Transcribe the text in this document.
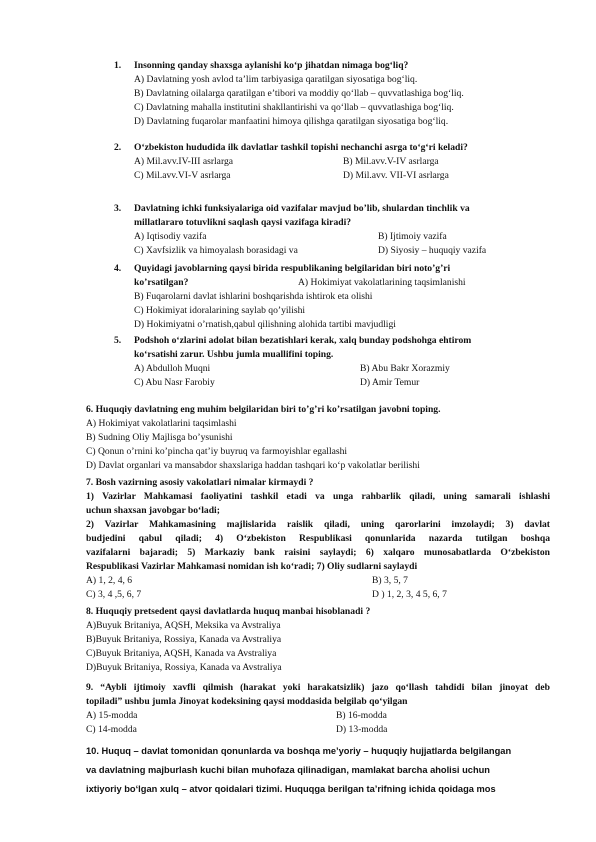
1. Insonning qanday shaxsga aylanishi ko‘p jihatdan nimaga bog‘liq?
A) Davlatning yosh avlod ta’lim tarbiyasiga qaratilgan siyosatiga bog‘liq.
B) Davlatning oilalarga qaratilgan e’tibori va moddiy qo‘llab – quvvatlashiga bog‘liq.
C) Davlatning mahalla institutini shakllantirishi va qo‘llab – quvvatlashiga bog‘liq.
D) Davlatning fuqarolar manfaatini himoya qilishga qaratilgan siyosatiga bog‘liq.
2. O‘zbekiston hududida ilk davlatlar tashkil topishi nechanchi asrga to‘g‘ri keladi?
A) Mil.avv.IV-III asrlarga	B) Mil.avv.V-IV asrlarga
C) Mil.avv.VI-V asrlarga	D) Mil.avv. VII-VI asrlarga
3. Davlatning ichki funksiyalariga oid vazifalar mavjud bo’lib, shulardan tinchlik va
millatlararo totuvlikni saqlash qaysi vazifaga kiradi?
A) Iqtisodiy vazifa	B) Ijtimoiy vazifa
C) Xavfsizlik va himoyalash borasidagi va	D) Siyosiy – huquqiy vazifa
4. Quyidagi javoblarning qaysi birida respublikaning belgilaridan biri noto’g’ri
ko’rsatilgan?	A) Hokimiyat vakolatlarining taqsimlanishi
B) Fuqarolarni davlat ishlarini boshqarishda ishtirok eta olishi
C) Hokimiyat idoralarining saylab qo’yilishi
D) Hokimiyatni o’rnatish,qabul qilishning alohida tartibi mavjudligi
5. Podshoh o‘zlarini adolat bilan bezatishlari kerak, xalq bunday podshohga ehtirom
ko‘rsatishi zarur. Ushbu jumla muallifini toping.
A) Abdulloh Muqni	B) Abu Bakr Xorazmiy
C) Abu Nasr Farobiy	D) Amir Temur
6. Huquqiy davlatning eng muhim belgilaridan biri to’g’ri ko’rsatilgan javobni toping.
A) Hokimiyat vakolatlarini taqsimlashi
B) Sudning Oliy Majlisga bo’ysunishi
C) Qonun o’rnini ko’pincha qat’iy buyruq va farmoyishlar egallashi
D) Davlat organlari va mansabdor shaxslariga haddan tashqari ko‘p vakolatlar berilishi
7. Bosh vazirning asosiy vakolatlari nimalar kirmaydi ?
1) Vazirlar Mahkamasi faoliyatini tashkil etadi va unga rahbarlik qiladi, uning samarali ishlashi
uchun shaxsan javobgar bo‘ladi;
2) Vazirlar Mahkamasining majlislarida raislik qiladi, uning qarorlarini imzolaydi; 3) davlat
budjedini qabul qiladi; 4) O‘zbekiston Respublikasi qonunlarida nazarda tutilgan boshqa
vazifalarni bajaradi; 5) Markaziy bank raisini saylaydi; 6) xalqaro munosabatlarda O‘zbekiston
Respublikasi Vazirlar Mahkamasi nomidan ish ko‘radi; 7) Oliy sudlarni saylaydi
A) 1, 2, 4, 6	B) 3, 5, 7
C) 3, 4 ,5, 6, 7	D ) 1, 2, 3, 4 5, 6, 7
8. Huquqiy pretsedent qaysi davlatlarda huquq manbai hisoblanadi ?
A)Buyuk Britaniya, AQSH, Meksika va Avstraliya
B)Buyuk Britaniya, Rossiya, Kanada va Avstraliya
C)Buyuk Britaniya, AQSH, Kanada va Avstraliya
D)Buyuk Britaniya, Rossiya, Kanada va Avstraliya
9. “Aybli ijtimoiy xavfli qilmish (harakat yoki harakatsizlik) jazo qo‘llash tahdidi bilan jinoyat deb
topiladi” ushbu jumla Jinoyat kodeksining qaysi moddasida belgilab qo‘yilgan
A) 15-modda	B) 16-modda
C) 14-modda	D) 13-modda
10. Huquq – davlat tomonidan qonunlarda va boshqa me’yoriy – huquqiy hujjatlarda belgilangan
va davlatning majburlash kuchi bilan muhofaza qilinadigan, mamlakat barcha aholisi uchun
ixtiyoriy bo‘lgan xulq – atvor qoidalari tizimi. Huquqga berilgan ta’rifning ichida qoidaga mos
